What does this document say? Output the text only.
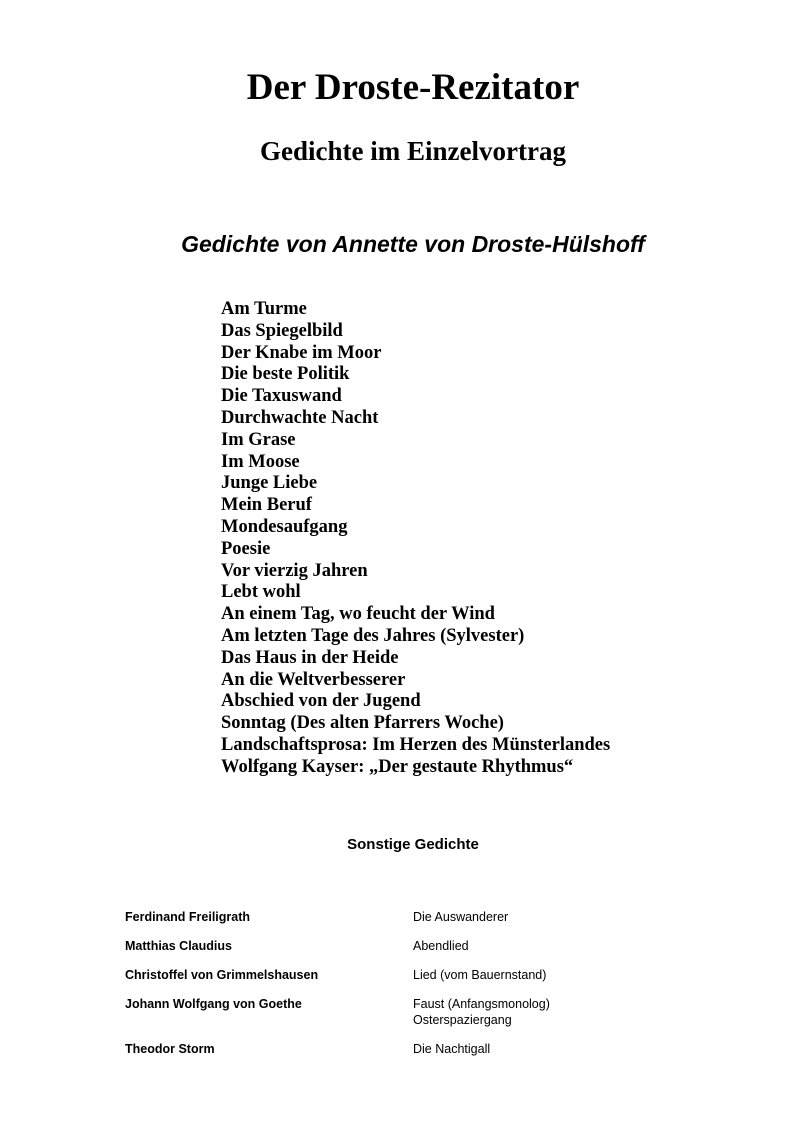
Der Droste-Rezitator
Gedichte im Einzelvortrag
Gedichte von Annette von Droste-Hülshoff
Am Turme
Das Spiegelbild
Der Knabe im Moor
Die beste Politik
Die Taxuswand
Durchwachte Nacht
Im Grase
Im Moose
Junge Liebe
Mein Beruf
Mondesaufgang
Poesie
Vor vierzig Jahren
Lebt wohl
An einem Tag, wo feucht der Wind
Am letzten Tage des Jahres (Sylvester)
Das Haus in der Heide
An die Weltverbesserer
Abschied von der Jugend
Sonntag (Des alten Pfarrers Woche)
Landschaftsprosa: Im Herzen des Münsterlandes
Wolfgang Kayser: „Der gestaute Rhythmus“
Sonstige Gedichte
Ferdinand Freiligrath	Die Auswanderer
Matthias Claudius	Abendlied
Christoffel von Grimmelshausen	Lied (vom Bauernstand)
Johann Wolfgang von Goethe	Faust (Anfangsmonolog)
Osterspaziergang
Theodor Storm	Die Nachtigall
